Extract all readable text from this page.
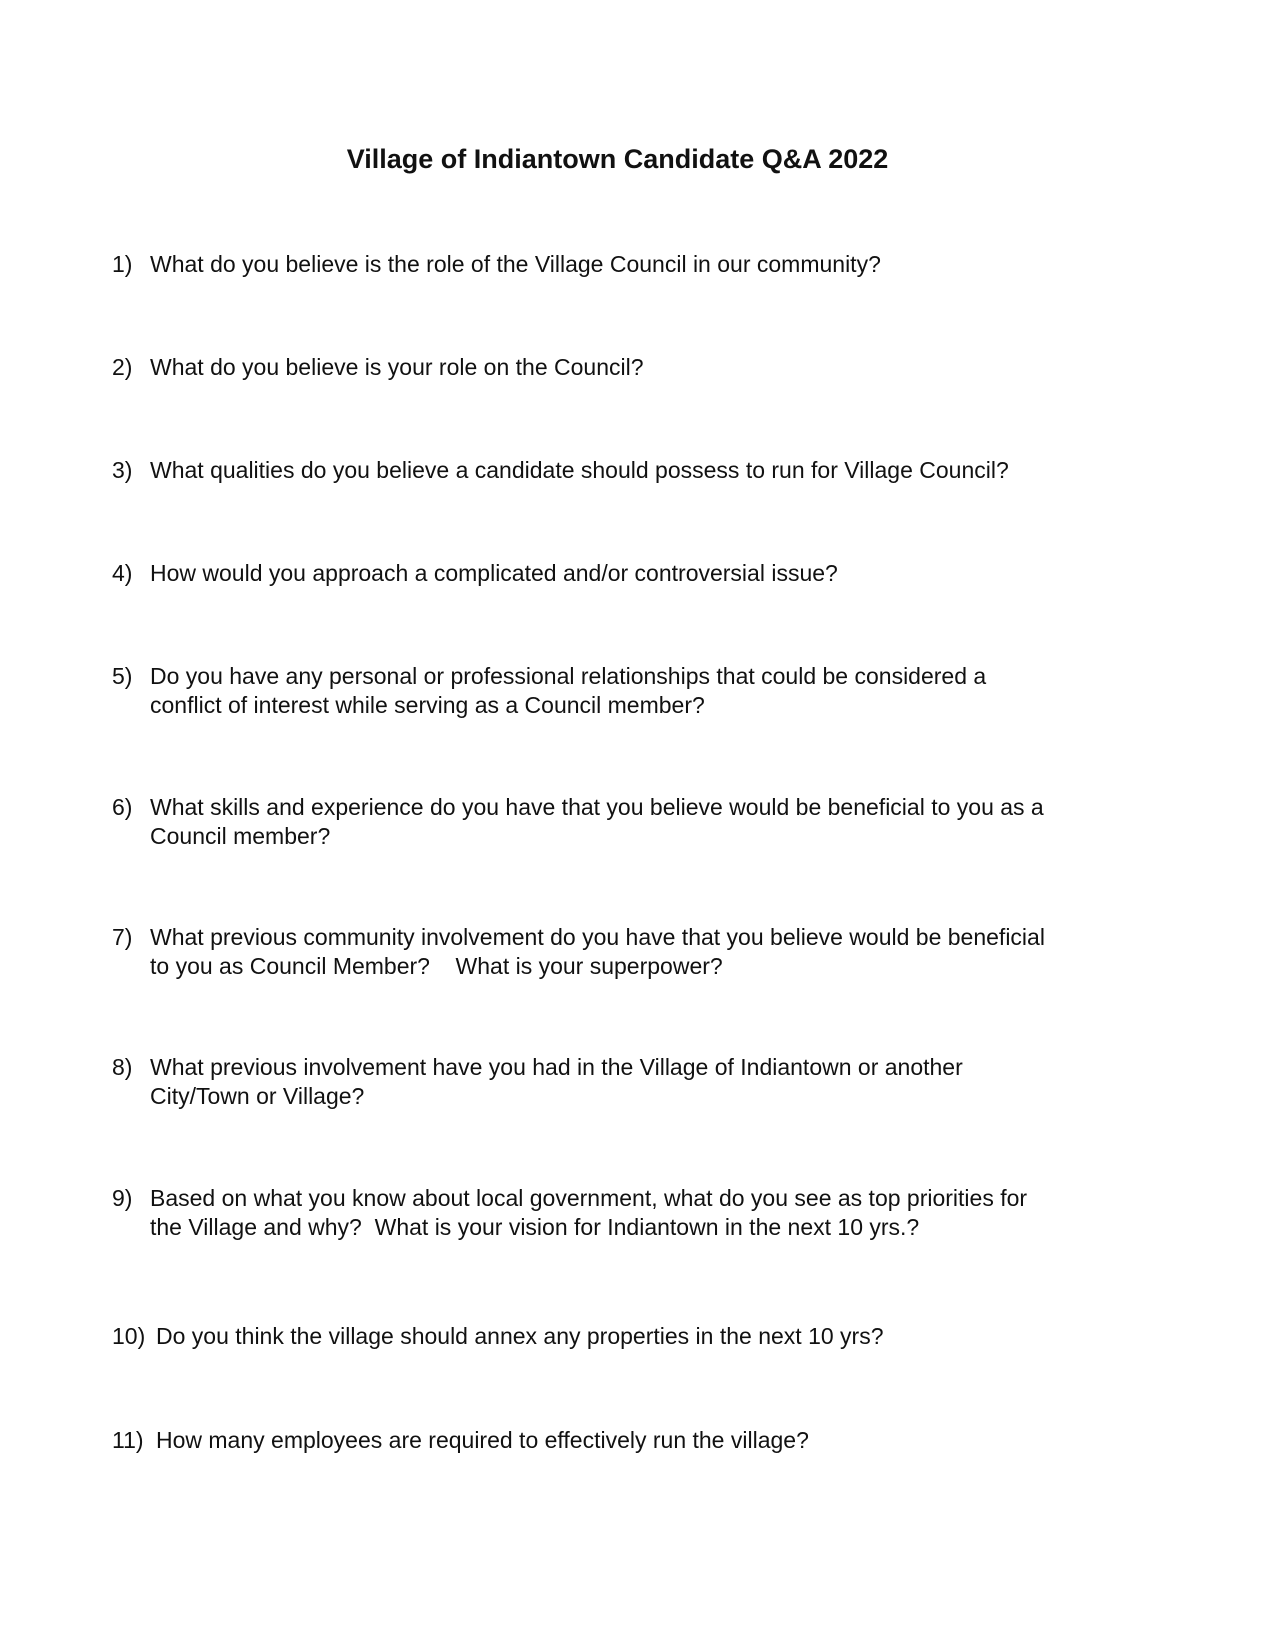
Village of Indiantown Candidate Q&A 2022
1) What do you believe is the role of the Village Council in our community?
2) What do you believe is your role on the Council?
3) What qualities do you believe a candidate should possess to run for Village Council?
4) How would you approach a complicated and/or controversial issue?
5) Do you have any personal or professional relationships that could be considered a
conflict of interest while serving as a Council member?
6) What skills and experience do you have that you believe would be beneficial to you as a
Council member?
7) What previous community involvement do you have that you believe would be beneficial
to you as Council Member?    What is your superpower?
8) What previous involvement have you had in the Village of Indiantown or another
City/Town or Village?
9) Based on what you know about local government, what do you see as top priorities for
the Village and why?  What is your vision for Indiantown in the next 10 yrs.?
10) Do you think the village should annex any properties in the next 10 yrs?
11) How many employees are required to effectively run the village?
